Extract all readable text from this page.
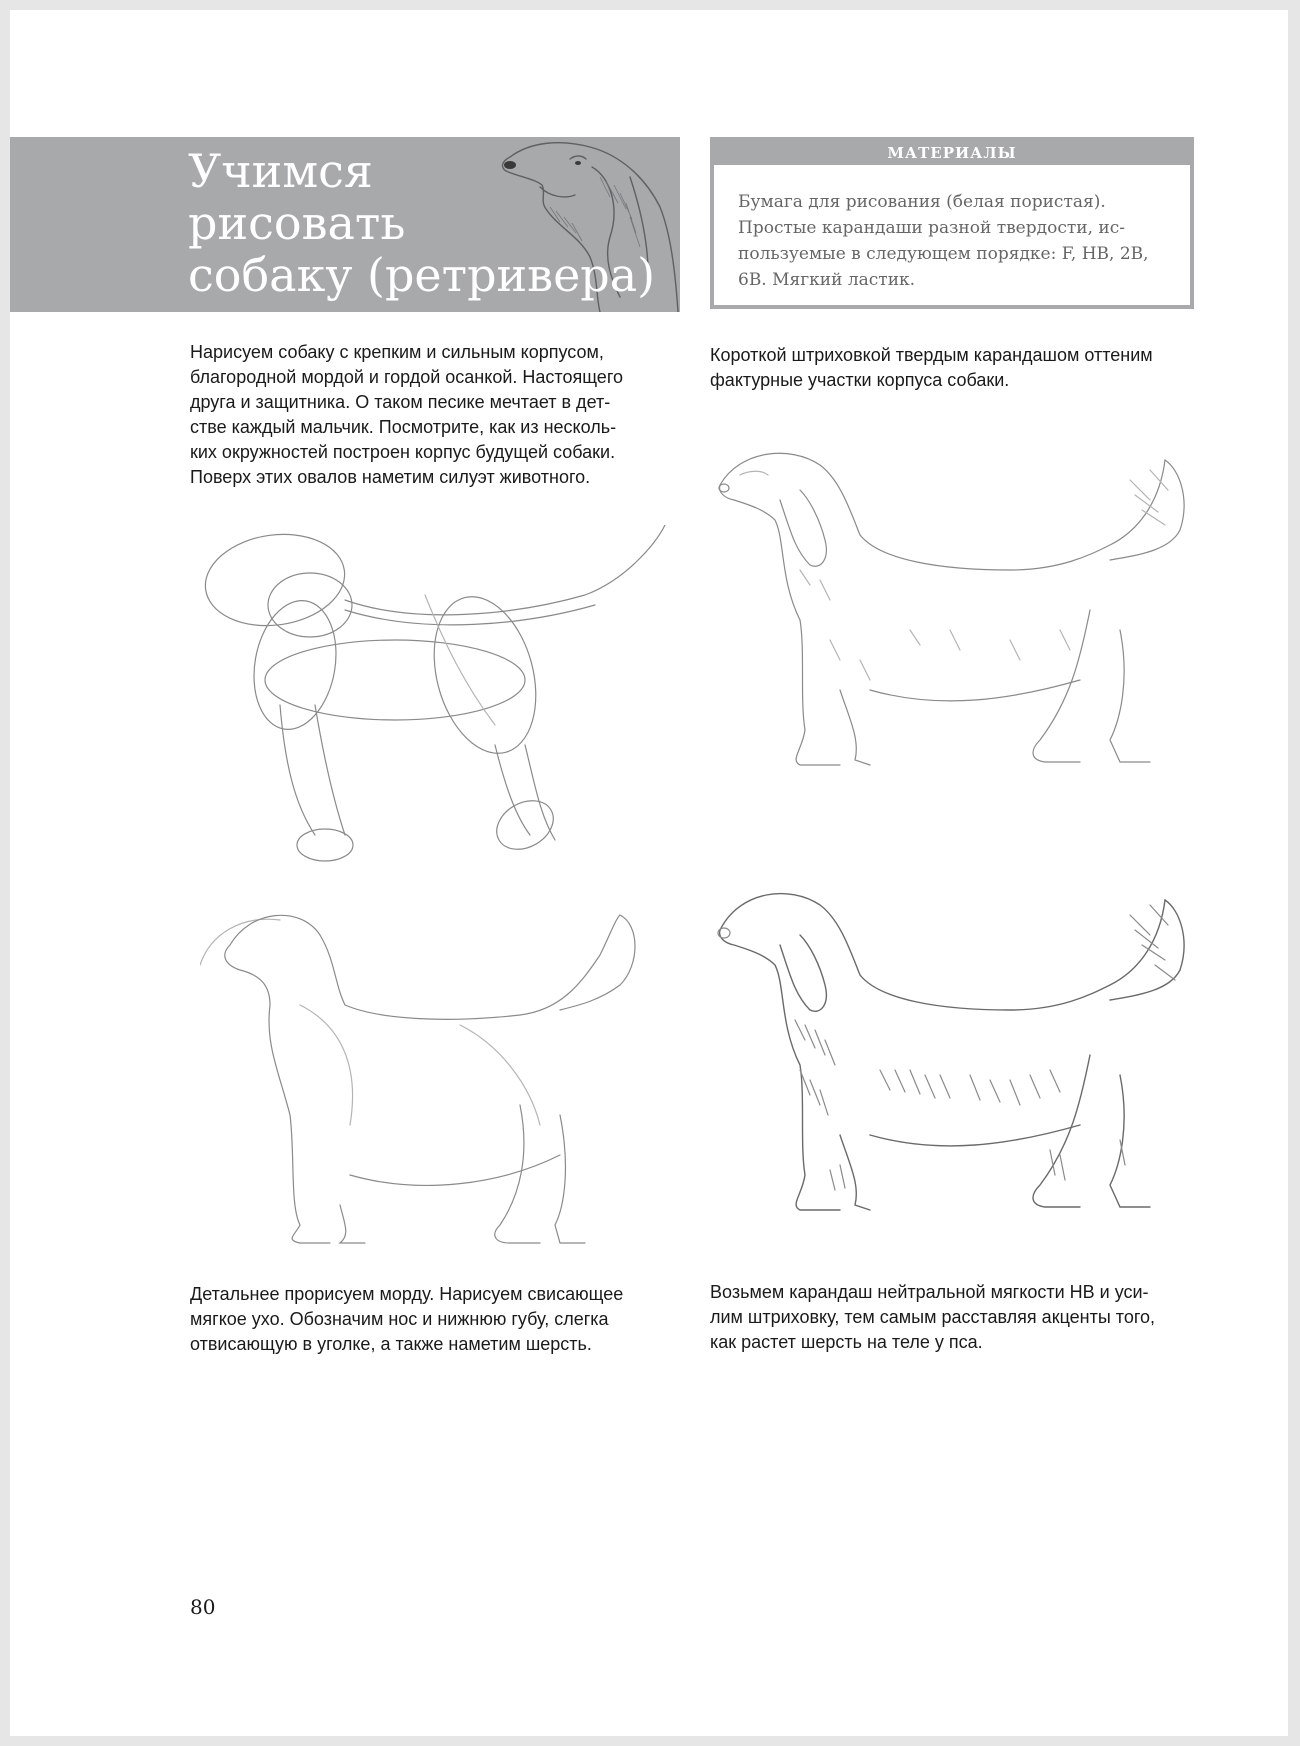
Учимся
рисовать
собаку (ретривера)
МАТЕРИАЛЫ
Бумага для рисования (белая пористая).
Простые карандаши разной твердости, ис-
пользуемые в следующем порядке: F, HB, 2B,
6B. Мягкий ластик.
Нарисуем собаку с крепким и сильным корпусом,
благородной мордой и гордой осанкой. Настоящего
друга и защитника. О таком песике мечтает в дет-
стве каждый мальчик. Посмотрите, как из несколь-
ких окружностей построен корпус будущей собаки.
Поверх этих овалов наметим силуэт животного.
Короткой штриховкой твердым карандашом оттеним
фактурные участки корпуса собаки.
Детальнее прорисуем морду. Нарисуем свисающее
мягкое ухо. Обозначим нос и нижнюю губу, слегка
отвисающую в уголке, а также наметим шерсть.
Возьмем карандаш нейтральной мягкости HB и уси-
лим штриховку, тем самым расставляя акценты того,
как растет шерсть на теле у пса.
80
